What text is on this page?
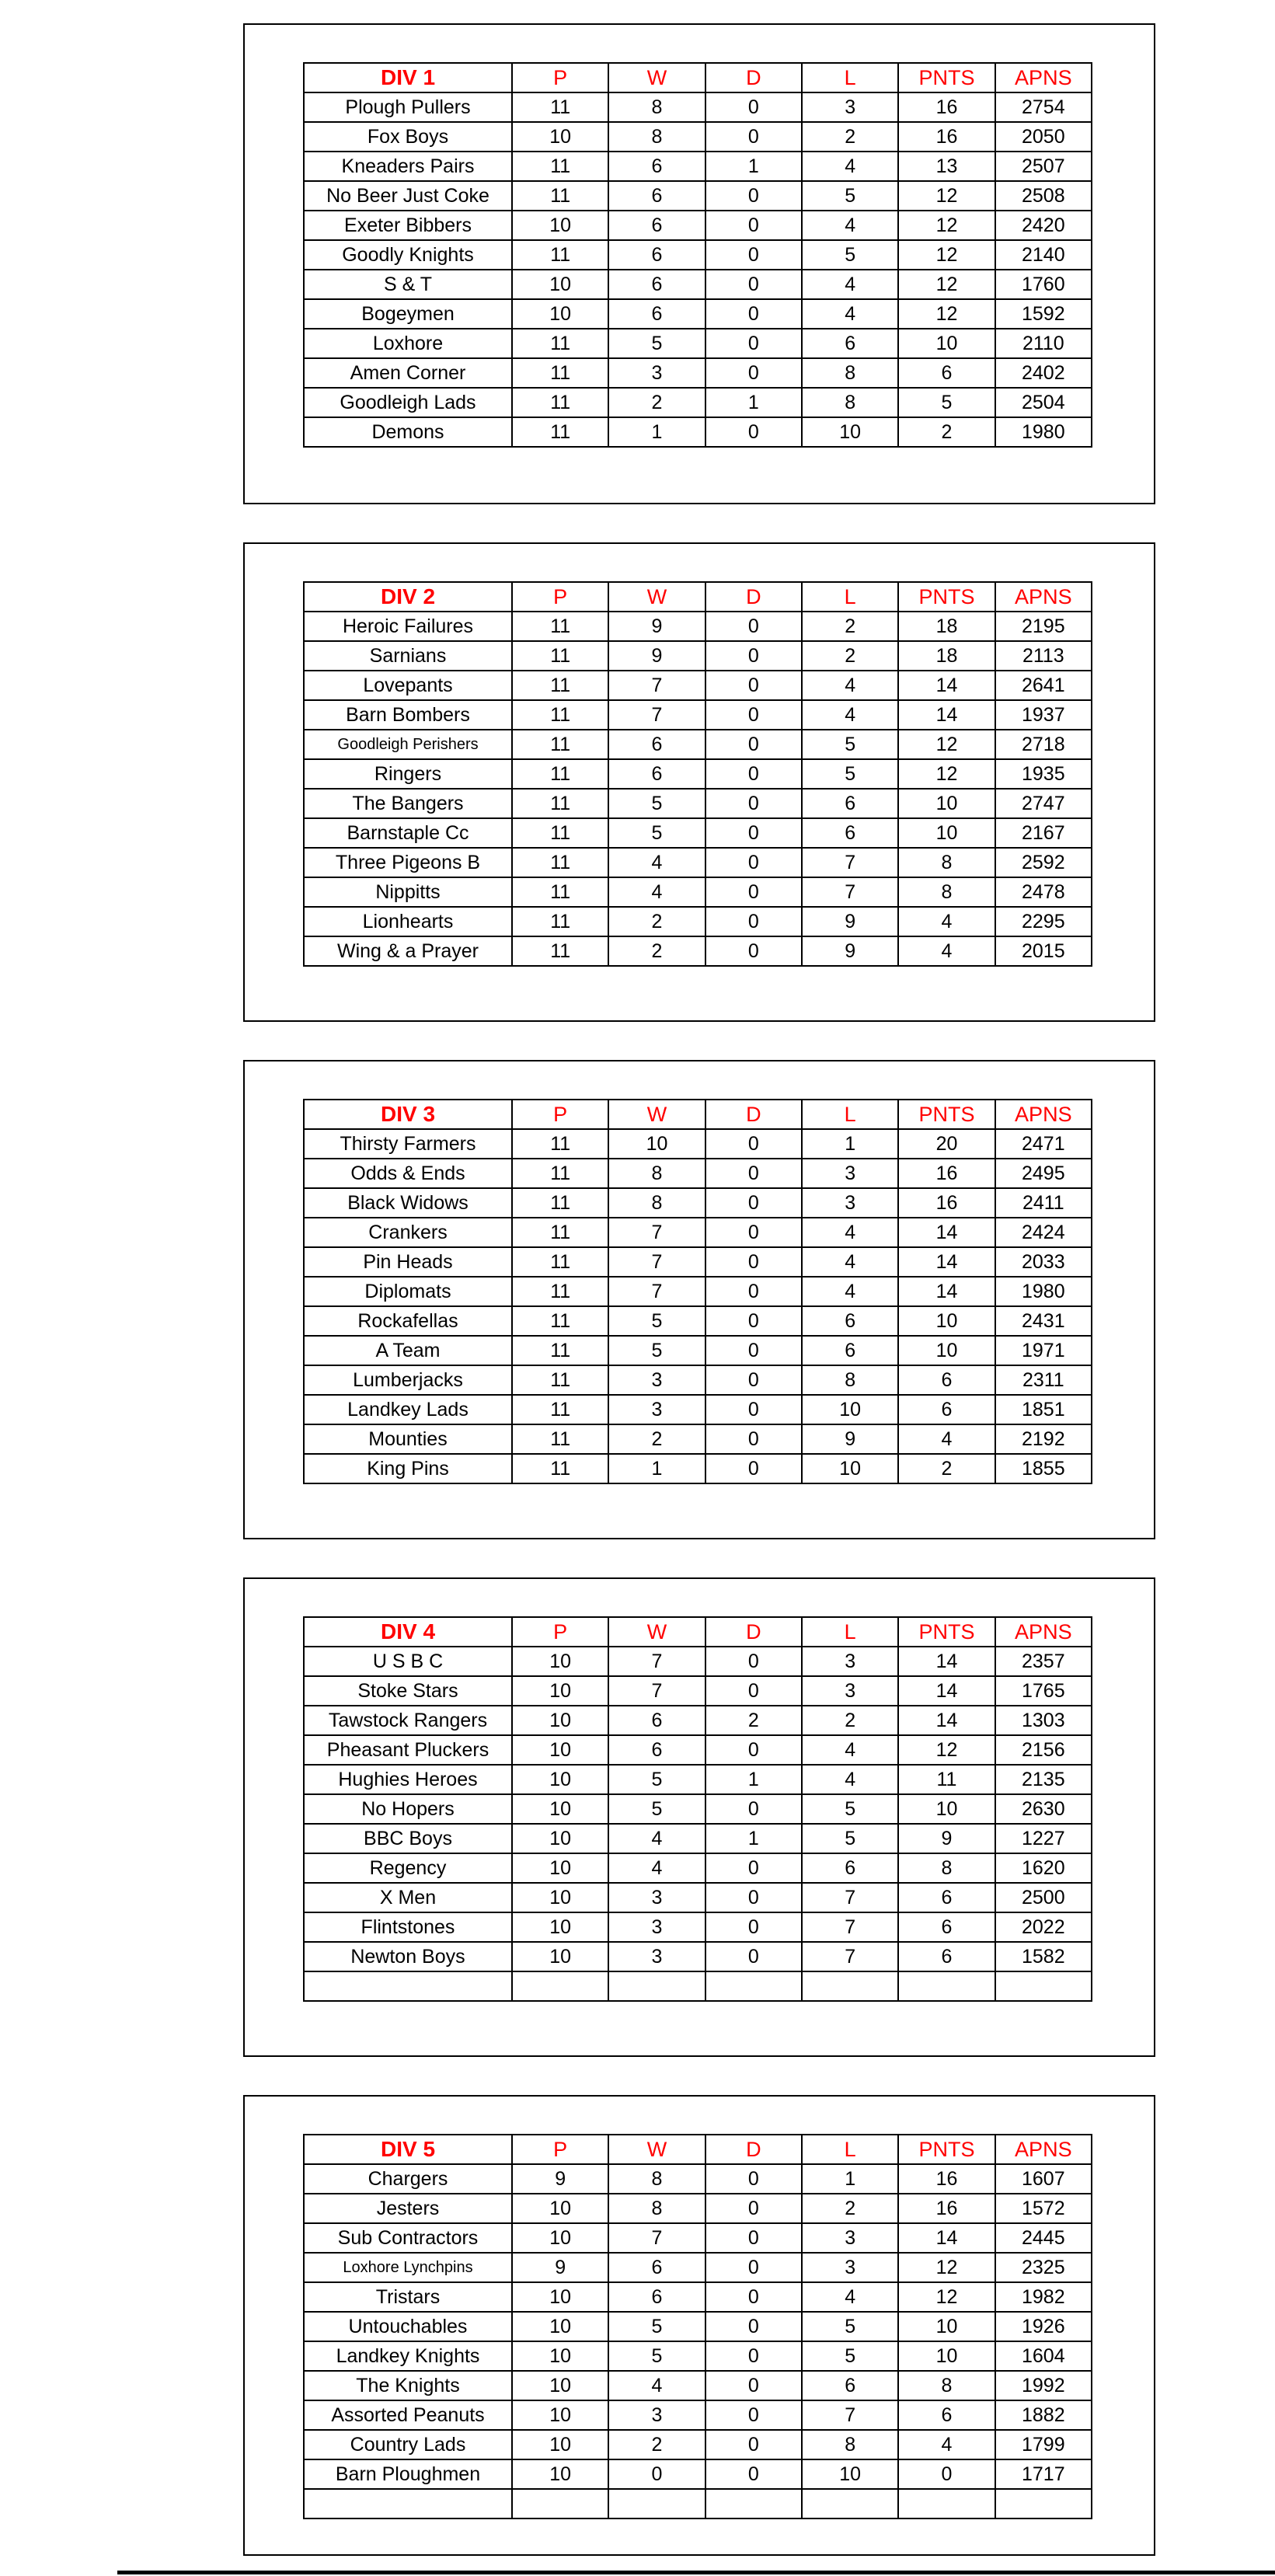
DIV 1	P	W	D	L	PNTS	APNS
Plough Pullers	11	8	0	3	16	2754
Fox Boys	10	8	0	2	16	2050
Kneaders Pairs	11	6	1	4	13	2507
No Beer Just Coke	11	6	0	5	12	2508
Exeter Bibbers	10	6	0	4	12	2420
Goodly Knights	11	6	0	5	12	2140
S & T	10	6	0	4	12	1760
Bogeymen	10	6	0	4	12	1592
Loxhore	11	5	0	6	10	2110
Amen Corner	11	3	0	8	6	2402
Goodleigh Lads	11	2	1	8	5	2504
Demons	11	1	0	10	2	1980
DIV 2	P	W	D	L	PNTS	APNS
Heroic Failures	11	9	0	2	18	2195
Sarnians	11	9	0	2	18	2113
Lovepants	11	7	0	4	14	2641
Barn Bombers	11	7	0	4	14	1937
Goodleigh Perishers	11	6	0	5	12	2718
Ringers	11	6	0	5	12	1935
The Bangers	11	5	0	6	10	2747
Barnstaple Cc	11	5	0	6	10	2167
Three Pigeons B	11	4	0	7	8	2592
Nippitts	11	4	0	7	8	2478
Lionhearts	11	2	0	9	4	2295
Wing & a Prayer	11	2	0	9	4	2015
DIV 3	P	W	D	L	PNTS	APNS
Thirsty Farmers	11	10	0	1	20	2471
Odds & Ends	11	8	0	3	16	2495
Black Widows	11	8	0	3	16	2411
Crankers	11	7	0	4	14	2424
Pin Heads	11	7	0	4	14	2033
Diplomats	11	7	0	4	14	1980
Rockafellas	11	5	0	6	10	2431
A Team	11	5	0	6	10	1971
Lumberjacks	11	3	0	8	6	2311
Landkey Lads	11	3	0	10	6	1851
Mounties	11	2	0	9	4	2192
King Pins	11	1	0	10	2	1855
DIV 4	P	W	D	L	PNTS	APNS
U S B C	10	7	0	3	14	2357
Stoke Stars	10	7	0	3	14	1765
Tawstock Rangers	10	6	2	2	14	1303
Pheasant Pluckers	10	6	0	4	12	2156
Hughies Heroes	10	5	1	4	11	2135
No Hopers	10	5	0	5	10	2630
BBC Boys	10	4	1	5	9	1227
Regency	10	4	0	6	8	1620
X Men	10	3	0	7	6	2500
Flintstones	10	3	0	7	6	2022
Newton Boys	10	3	0	7	6	1582

DIV 5	P	W	D	L	PNTS	APNS
Chargers	9	8	0	1	16	1607
Jesters	10	8	0	2	16	1572
Sub Contractors	10	7	0	3	14	2445
Loxhore Lynchpins	9	6	0	3	12	2325
Tristars	10	6	0	4	12	1982
Untouchables	10	5	0	5	10	1926
Landkey Knights	10	5	0	5	10	1604
The Knights	10	4	0	6	8	1992
Assorted Peanuts	10	3	0	7	6	1882
Country Lads	10	2	0	8	4	1799
Barn Ploughmen	10	0	0	10	0	1717
